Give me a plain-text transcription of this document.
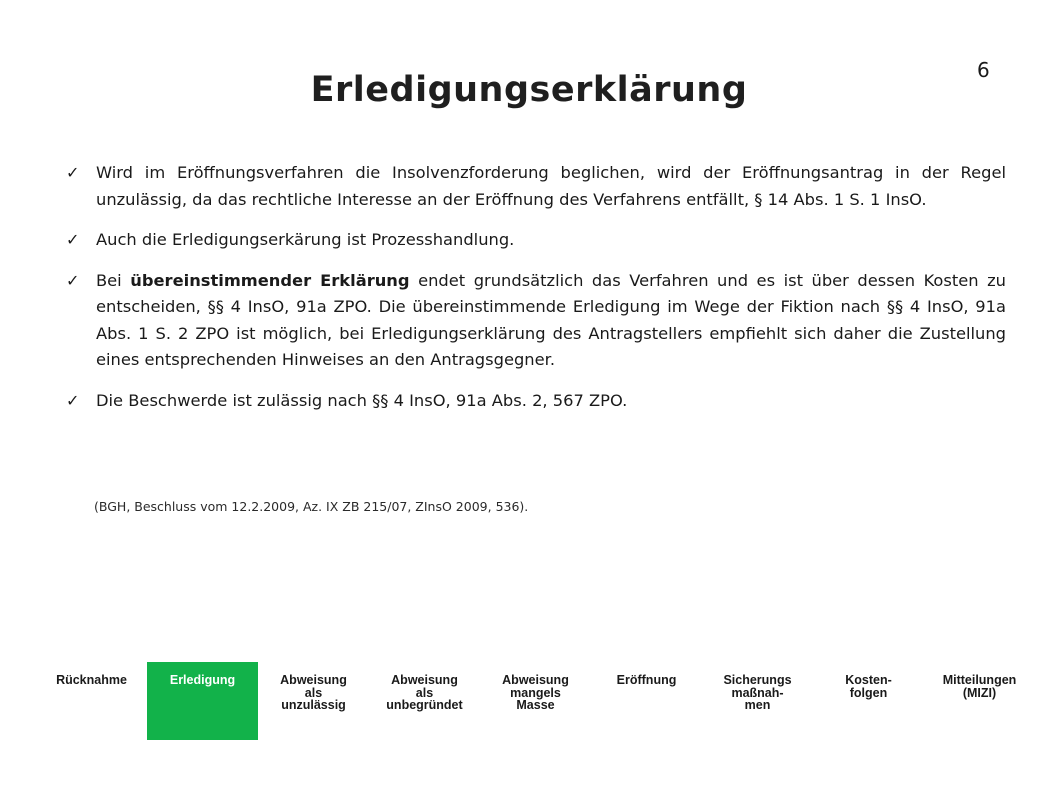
6
Erledigungserklärung
✓ Wird im Eröffnungsverfahren die Insolvenzforderung beglichen, wird der Eröffnungsantrag in der Regel unzulässig, da das rechtliche Interesse an der Eröffnung des Verfahrens entfällt, § 14 Abs. 1 S. 1 InsO.
✓ Auch die Erledigungserkärung ist Prozesshandlung.
✓ Bei übereinstimmender Erklärung endet grundsätzlich das Verfahren und es ist über dessen Kosten zu entscheiden, §§ 4 InsO, 91a ZPO. Die übereinstimmende Erledigung im Wege der Fiktion nach §§ 4 InsO, 91a Abs. 1 S. 2 ZPO ist möglich, bei Erledigungserklärung des Antragstellers empfiehlt sich daher die Zustellung eines entsprechenden Hinweises an den Antragsgegner.
✓ Die Beschwerde ist zulässig nach §§ 4 InsO, 91a Abs. 2, 567 ZPO.
(BGH, Beschluss vom 12.2.2009, Az. IX ZB 215/07, ZInsO 2009, 536).
Rücknahme	Erledigung	Abweisung
als
unzulässig
Abweisung
als
unbegründet
Abweisung
mangels
Masse
Eröffnung	Sicherungs
maßnah-
men
Kosten-
folgen
Mitteilungen
(MIZI)
